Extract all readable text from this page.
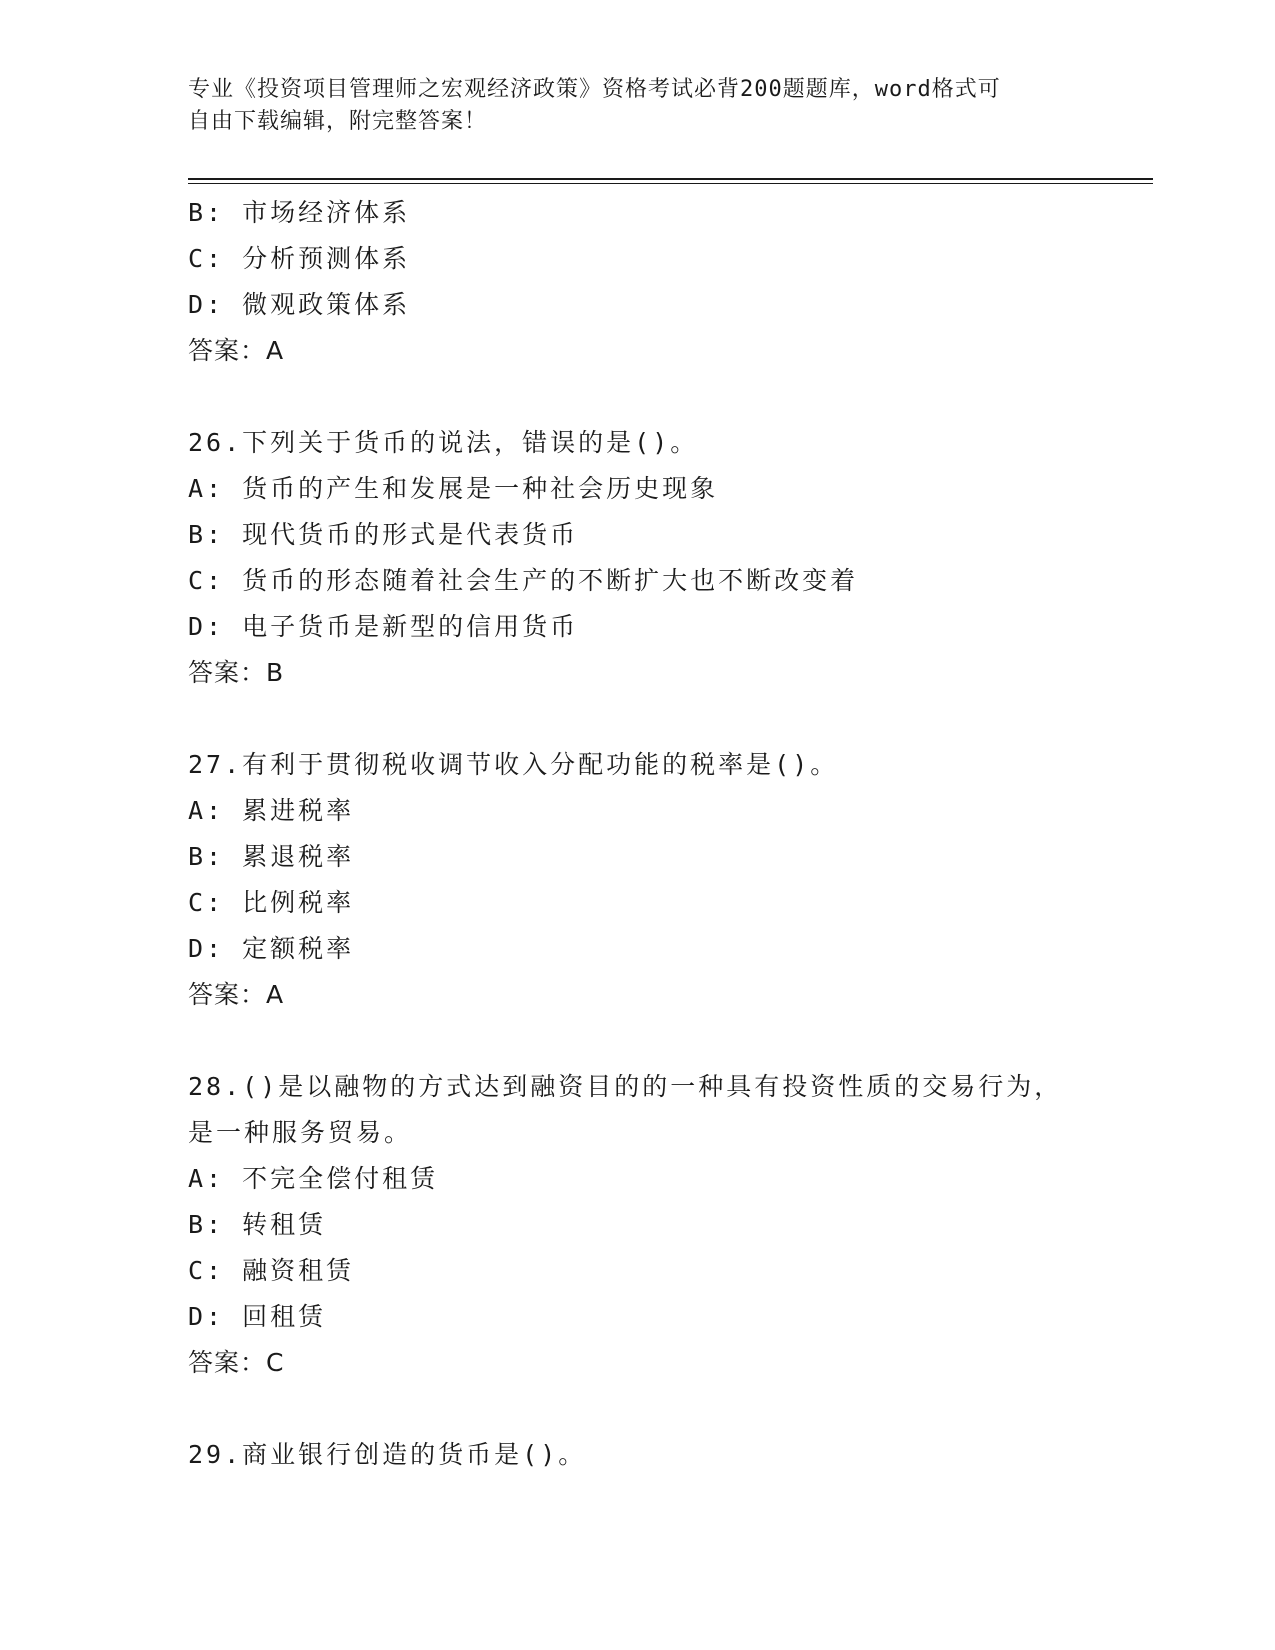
专业《投资项目管理师之宏观经济政策》资格考试必背200题题库，word格式可
自由下载编辑，附完整答案！
B: 市场经济体系
C: 分析预测体系
D: 微观政策体系
答案：A
26.下列关于货币的说法，错误的是()。
A: 货币的产生和发展是一种社会历史现象
B: 现代货币的形式是代表货币
C: 货币的形态随着社会生产的不断扩大也不断改变着
D: 电子货币是新型的信用货币
答案：B
27.有利于贯彻税收调节收入分配功能的税率是()。
A: 累进税率
B: 累退税率
C: 比例税率
D: 定额税率
答案：A
28.()是以融物的方式达到融资目的的一种具有投资性质的交易行为，
是一种服务贸易。
A: 不完全偿付租赁
B: 转租赁
C: 融资租赁
D: 回租赁
答案：C
29.商业银行创造的货币是()。
